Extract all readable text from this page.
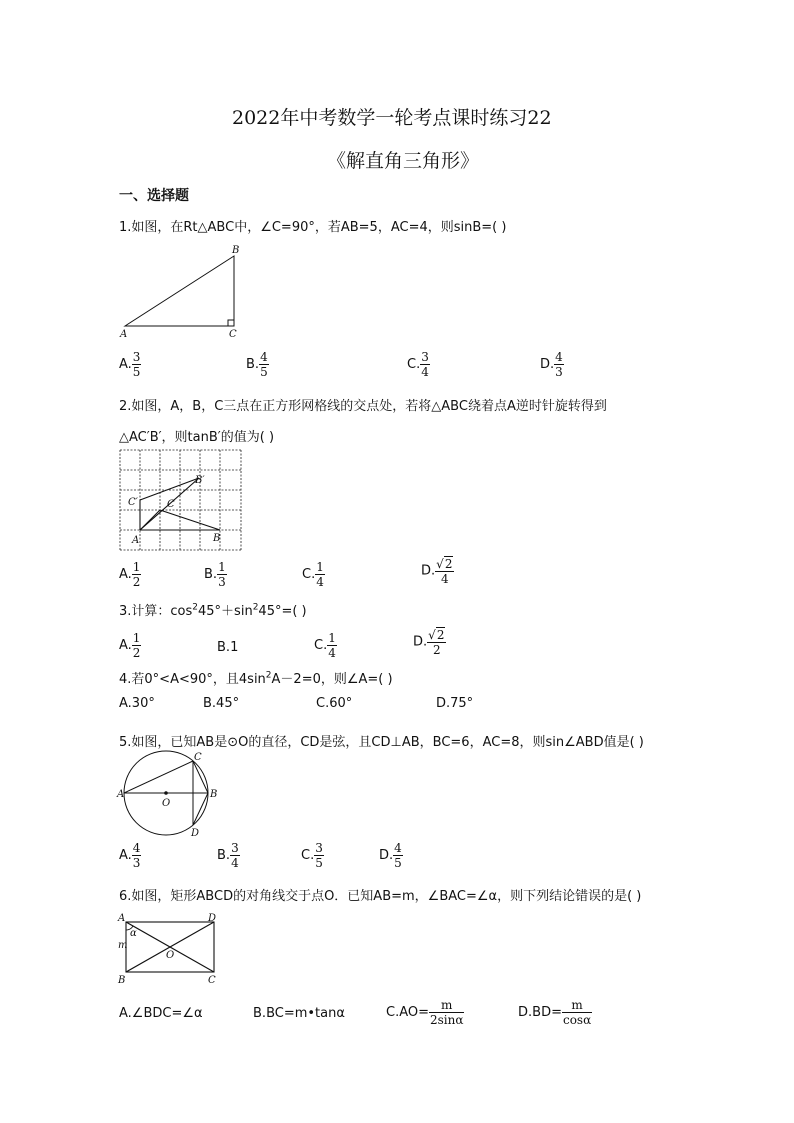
2022年中考数学一轮考点课时练习22
《解直角三角形》
一、选择题
1.如图，在Rt△ABC中，∠C=90°，若AB=5，AC=4，则sinB=( )
B
A	C
A. $\frac{3}{5}$	B. $\frac{4}{5}$	C. $\frac{3}{4}$	D. $\frac{4}{3}$
2.如图，A，B，C三点在正方形网格线的交点处，若将△ABC绕着点A逆时针旋转得到
△AC′B′，则tanB′的值为( )
A	B
C
B′
C′
A. $\frac{1}{2}$	B. $\frac{1}{3}$	C. $\frac{1}{4}$	D. $\frac{√2}{4}$
3.计算：$\cos^245^\circ+\sin^245^\circ=$( )
A. $\frac{1}{2}$	B.1	C. $\frac{1}{4}$	D. $\frac{√2}{2}$
4.若0°<A<90°，且$4\sin^2A-2=0$，则∠A=( )
A.30°	B.45°	C.60°	D.75°
5.如图，已知AB是⊙O的直径，CD是弦，且CD⊥AB，BC=6，AC=8，则sin∠ABD值是( )
A	B
C
D
O
A. $\frac{4}{3}$	B. $\frac{3}{4}$	C. $\frac{3}{5}$	D. $\frac{4}{5}$
6.如图，矩形ABCD的对角线交于点O．已知AB=m，∠BAC=∠α，则下列结论错误的是( )
A	D
B	C
O
m
α
A.∠BDC=∠α	B.BC=m•tanα	$C.AO= \frac{m}{2\sin\alpha}$	$D.BD= \frac{m}{\cos\alpha}$
